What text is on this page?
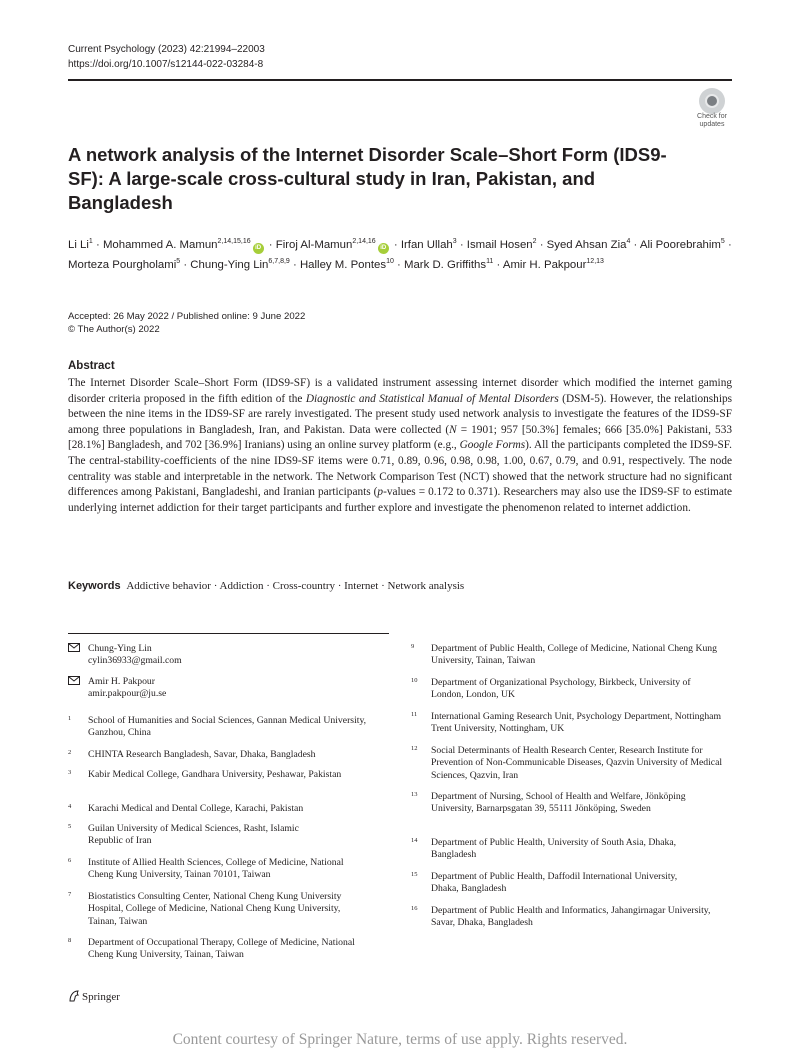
Current Psychology (2023) 42:21994–22003
https://doi.org/10.1007/s12144-022-03284-8
Check for
updates
A network analysis of the Internet Disorder Scale–Short Form (IDS9-SF): A large-scale cross-cultural study in Iran, Pakistan, and Bangladesh
Li $Li^1$ · Mohammed A. Mamun$^{2,14,15,16}$iD · Firoj Al-Mamun$^{2,14,16}$iD · Irfan Ullah$^3$ · Ismail Hosen$^2$ · Syed Ahsan Zia$^4$ · Ali Poorebrahim$^5$ · Morteza Pourgholami$^5$ · Chung-Ying Lin$^{6,7,8,9}$ · Halley M. Pontes$^{10}$ · Mark D. Griffiths$^{11}$ · Amir H. Pakpour$^{12,13}$
Accepted: 26 May 2022 / Published online: 9 June 2022
© The Author(s) 2022
Abstract
The Internet Disorder Scale–Short Form (IDS9-SF) is a validated instrument assessing internet disorder which modified the internet gaming disorder criteria proposed in the fifth edition of the Diagnostic and Statistical Manual of Mental Disorders (DSM-5). However, the relationships between the nine items in the IDS9-SF are rarely investigated. The present study used network analysis to investigate the features of the IDS9-SF among three populations in Bangladesh, Iran, and Pakistan. Data were collected (N = 1901; 957 [50.3%] females; 666 [35.0%] Pakistani, 533 [28.1%] Bangladesh, and 702 [36.9%] Iranians) using an online survey platform (e.g., Google Forms). All the participants completed the IDS9-SF. The central-stability-coefficients of the nine IDS9-SF items were 0.71, 0.89, 0.96, 0.98, 0.98, 1.00, 0.67, 0.79, and 0.91, respectively. The node centrality was stable and interpretable in the network. The Network Comparison Test (NCT) showed that the network structure had no significant differences among Pakistani, Bangladeshi, and Iranian participants (p-values = 0.172 to 0.371). Researchers may also use the IDS9-SF to estimate underlying internet addiction for their target participants and further explore and investigate the phenomenon related to internet addiction.
Keywords Addictive behavior · Addiction · Cross-country · Internet · Network analysis
Chung-Ying Lin
cylin36933@gmail.com
Amir H. Pakpour
amir.pakpour@ju.se
1 School of Humanities and Social Sciences, Gannan Medical University, Ganzhou, China
2 CHINTA Research Bangladesh, Savar, Dhaka, Bangladesh
3 Kabir Medical College, Gandhara University, Peshawar, Pakistan
4 Karachi Medical and Dental College, Karachi, Pakistan
5 Guilan University of Medical Sciences, Rasht, Islamic Republic of Iran
6 Institute of Allied Health Sciences, College of Medicine, National Cheng Kung University, Tainan 70101, Taiwan
7 Biostatistics Consulting Center, National Cheng Kung University Hospital, College of Medicine, National Cheng Kung University, Tainan, Taiwan
8 Department of Occupational Therapy, College of Medicine, National Cheng Kung University, Tainan, Taiwan
9 Department of Public Health, College of Medicine, National Cheng Kung University, Tainan, Taiwan
10 Department of Organizational Psychology, Birkbeck, University of London, London, UK
11 International Gaming Research Unit, Psychology Department, Nottingham Trent University, Nottingham, UK
12 Social Determinants of Health Research Center, Research Institute for Prevention of Non-Communicable Diseases, Qazvin University of Medical Sciences, Qazvin, Iran
13 Department of Nursing, School of Health and Welfare, Jönköping University, Barnarpsgatan 39, 55111 Jönköping, Sweden
14 Department of Public Health, University of South Asia, Dhaka, Bangladesh
15 Department of Public Health, Daffodil International University, Dhaka, Bangladesh
16 Department of Public Health and Informatics, Jahangirnagar University, Savar, Dhaka, Bangladesh
Springer
Content courtesy of Springer Nature, terms of use apply. Rights reserved.
